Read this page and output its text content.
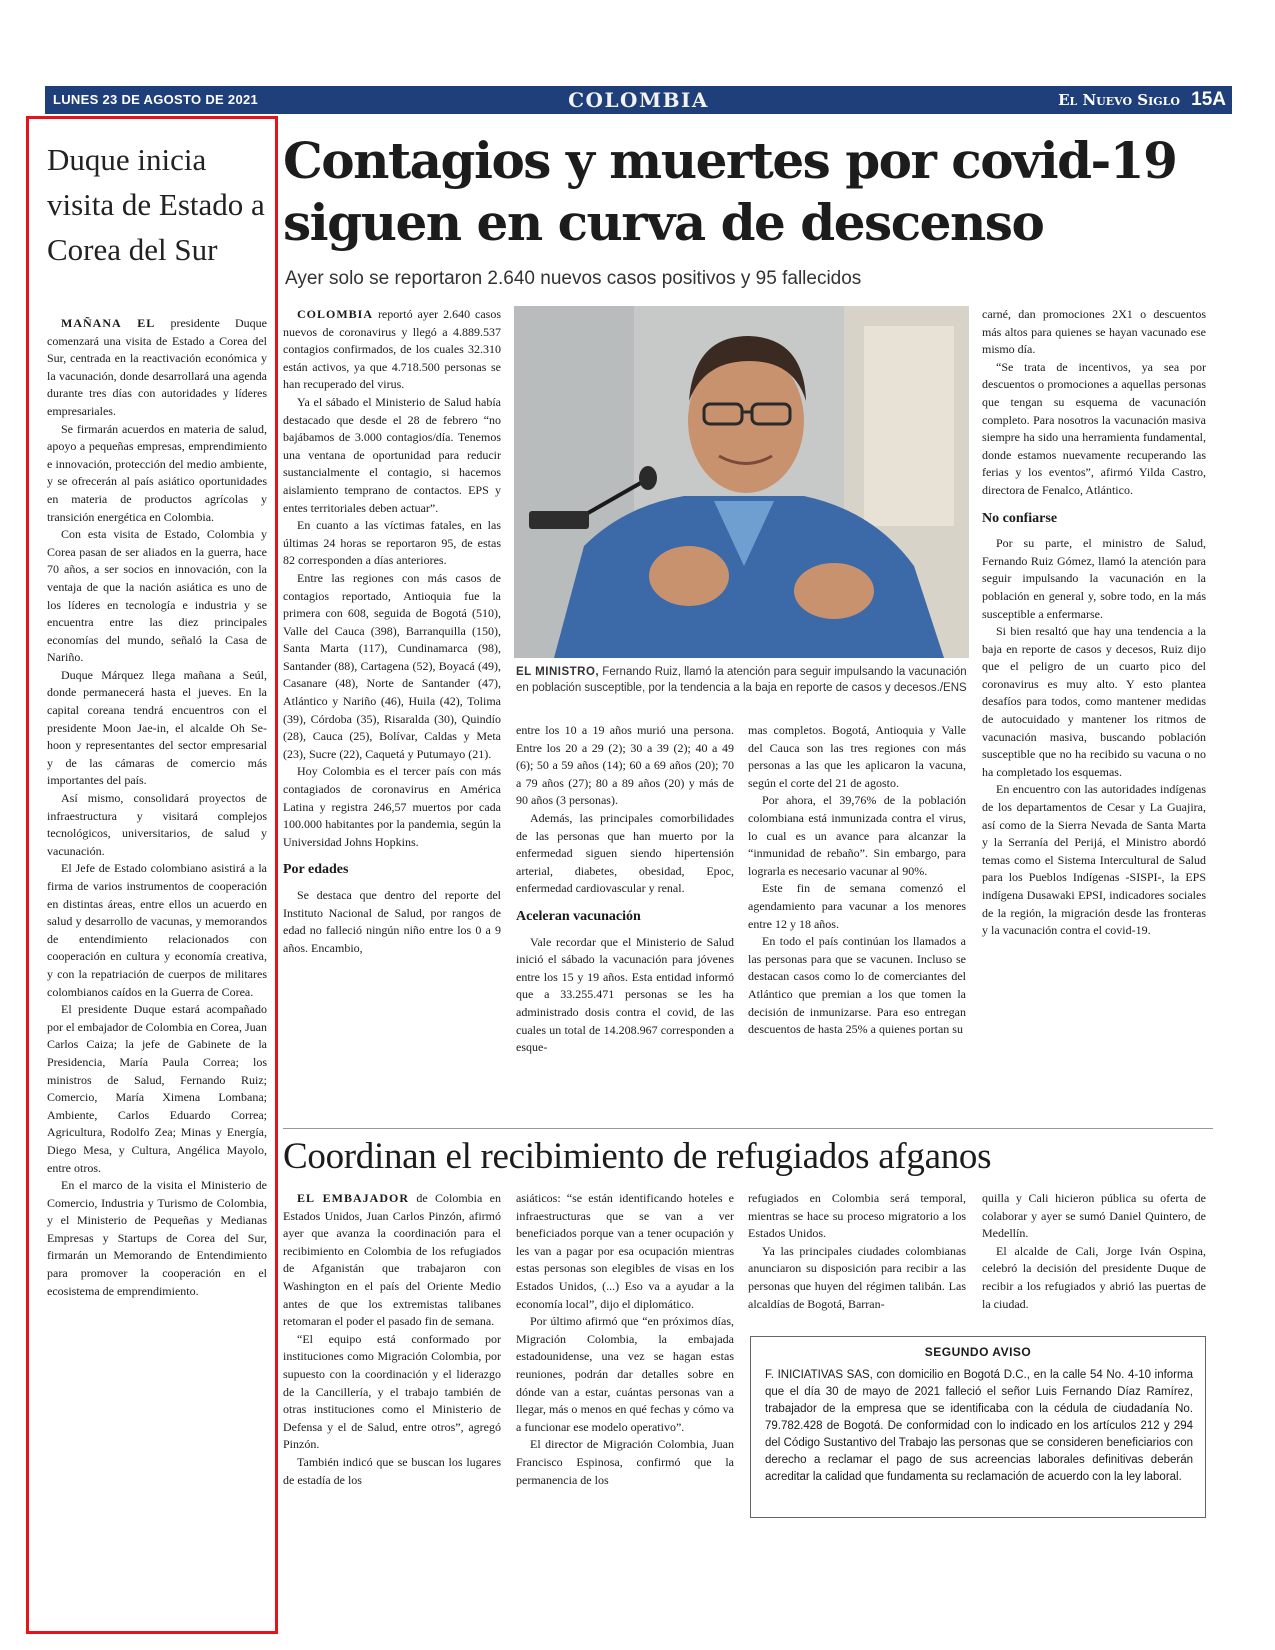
LUNES 23 DE AGOSTO DE 2021	COLOMBIA	El Nuevo Siglo 15A
Duque inicia visita de Estado a Corea del Sur

MAÑANA EL presidente Duque comenzará una visita de Estado a Corea del Sur, centrada en la reactivación económica y la vacunación, donde desarrollará una agenda durante tres días con autoridades y líderes empresariales.

Se firmarán acuerdos en materia de salud, apoyo a pequeñas empresas, emprendimiento e innovación, protección del medio ambiente, y se ofrecerán al país asiático oportunidades en materia de productos agrícolas y transición energética en Colombia.

Con esta visita de Estado, Colombia y Corea pasan de ser aliados en la guerra, hace 70 años, a ser socios en innovación, con la ventaja de que la nación asiática es uno de los líderes en tecnología e industria y se encuentra entre las diez principales economías del mundo, señaló la Casa de Nariño.

Duque Márquez llega mañana a Seúl, donde permanecerá hasta el jueves. En la capital coreana tendrá encuentros con el presidente Moon Jae-in, el alcalde Oh Se-hoon y representantes del sector empresarial y de las cámaras de comercio más importantes del país.

Así mismo, consolidará proyectos de infraestructura y visitará complejos tecnológicos, universitarios, de salud y vacunación.

El Jefe de Estado colombiano asistirá a la firma de varios instrumentos de cooperación en distintas áreas, entre ellos un acuerdo en salud y desarrollo de vacunas, y memorandos de entendimiento relacionados con cooperación en cultura y economía creativa, y con la repatriación de cuerpos de militares colombianos caídos en la Guerra de Corea.

El presidente Duque estará acompañado por el embajador de Colombia en Corea, Juan Carlos Caiza; la jefe de Gabinete de la Presidencia, María Paula Correa; los ministros de Salud, Fernando Ruiz; Comercio, María Ximena Lombana; Ambiente, Carlos Eduardo Correa; Agricultura, Rodolfo Zea; Minas y Energía, Diego Mesa, y Cultura, Angélica Mayolo, entre otros.

En el marco de la visita el Ministerio de Comercio, Industria y Turismo de Colombia, y el Ministerio de Pequeñas y Medianas Empresas y Startups de Corea del Sur, firmarán un Memorando de Entendimiento para promover la cooperación en el ecosistema de emprendimiento.

Contagios y muertes por covid-19 siguen en curva de descenso
Ayer solo se reportaron 2.640 nuevos casos positivos y 95 fallecidos

COLOMBIA reportó ayer 2.640 casos nuevos de coronavirus y llegó a 4.889.537 contagios confirmados, de los cuales 32.310 están activos, ya que 4.718.500 personas se han recuperado del virus.

Ya el sábado el Ministerio de Salud había destacado que desde el 28 de febrero “no bajábamos de 3.000 contagios/día. Tenemos una ventana de oportunidad para reducir sustancialmente el contagio, si hacemos aislamiento temprano de contactos. EPS y entes territoriales deben actuar”.

En cuanto a las víctimas fatales, en las últimas 24 horas se reportaron 95, de estas 82 corresponden a días anteriores.

Entre las regiones con más casos de contagios reportado, Antioquia fue la primera con 608, seguida de Bogotá (510), Valle del Cauca (398), Barranquilla (150), Santa Marta (117), Cundinamarca (98), Santander (88), Cartagena (52), Boyacá (49), Casanare (48), Norte de Santander (47), Atlántico y Nariño (46), Huila (42), Tolima (39), Córdoba (35), Risaralda (30), Quindío (28), Cauca (25), Bolívar, Caldas y Meta (23), Sucre (22), Caquetá y Putumayo (21).

Hoy Colombia es el tercer país con más contagiados de coronavirus en América Latina y registra 246,57 muertos por cada 100.000 habitantes por la pandemia, según la Universidad Johns Hopkins.

Por edades

Se destaca que dentro del reporte del Instituto Nacional de Salud, por rangos de edad no falleció ningún niño entre los 0 a 9 años. Encambio,

EL MINISTRO, Fernando Ruiz, llamó la atención para seguir impulsando la vacunación en población susceptible, por la tendencia a la baja en reporte de casos y decesos./ENS

entre los 10 a 19 años murió una persona. Entre los 20 a 29 (2); 30 a 39 (2); 40 a 49 (6); 50 a 59 años (14); 60 a 69 años (20); 70 a 79 años (27); 80 a 89 años (20) y más de 90 años (3 personas).

Además, las principales comorbilidades de las personas que han muerto por la enfermedad siguen siendo hipertensión arterial, diabetes, obesidad, Epoc, enfermedad cardiovascular y renal.

Aceleran vacunación

Vale recordar que el Ministerio de Salud inició el sábado la vacunación para jóvenes entre los 15 y 19 años. Esta entidad informó que a 33.255.471 personas se les ha administrado dosis contra el covid, de las cuales un total de 14.208.967 corresponden a esque-

mas completos. Bogotá, Antioquia y Valle del Cauca son las tres regiones con más personas a las que les aplicaron la vacuna, según el corte del 21 de agosto.

Por ahora, el 39,76% de la población colombiana está inmunizada contra el virus, lo cual es un avance para alcanzar la “inmunidad de rebaño”. Sin embargo, para lograrla es necesario vacunar al 90%.

Este fin de semana comenzó el agendamiento para vacunar a los menores entre 12 y 18 años.

En todo el país continúan los llamados a las personas para que se vacunen. Incluso se destacan casos como lo de comerciantes del Atlántico que premian a los que tomen la decisión de inmunizarse. Para eso entregan descuentos de hasta 25% a quienes portan su

carné, dan promociones 2X1 o descuentos más altos para quienes se hayan vacunado ese mismo día.

“Se trata de incentivos, ya sea por descuentos o promociones a aquellas personas que tengan su esquema de vacunación completo. Para nosotros la vacunación masiva siempre ha sido una herramienta fundamental, donde estamos nuevamente recuperando las ferias y los eventos”, afirmó Yilda Castro, directora de Fenalco, Atlántico.

No confiarse

Por su parte, el ministro de Salud, Fernando Ruiz Gómez, llamó la atención para seguir impulsando la vacunación en la población en general y, sobre todo, en la más susceptible a enfermarse.

Si bien resaltó que hay una tendencia a la baja en reporte de casos y decesos, Ruiz dijo que el peligro de un cuarto pico del coronavirus es muy alto. Y esto plantea desafíos para todos, como mantener medidas de autocuidado y mantener los ritmos de vacunación masiva, buscando población susceptible que no ha recibido su vacuna o no ha completado los esquemas.

En encuentro con las autoridades indígenas de los departamentos de Cesar y La Guajira, así como de la Sierra Nevada de Santa Marta y la Serranía del Perijá, el Ministro abordó temas como el Sistema Intercultural de Salud para los Pueblos Indígenas -SISPI-, la EPS indígena Dusawaki EPSI, indicadores sociales de la región, la migración desde las fronteras y la vacunación contra el covid-19.

Coordinan el recibimiento de refugiados afganos

EL EMBAJADOR de Colombia en Estados Unidos, Juan Carlos Pinzón, afirmó ayer que avanza la coordinación para el recibimiento en Colombia de los refugiados de Afganistán que trabajaron con Washington en el país del Oriente Medio antes de que los extremistas talibanes retomaran el poder el pasado fin de semana.

“El equipo está conformado por instituciones como Migración Colombia, por supuesto con la coordinación y el liderazgo de la Cancillería, y el trabajo también de otras instituciones como el Ministerio de Defensa y el de Salud, entre otros”, agregó Pinzón.

También indicó que se buscan los lugares de estadía de los

asiáticos: “se están identificando hoteles e infraestructuras que se van a ver beneficiados porque van a tener ocupación y les van a pagar por esa ocupación mientras estas personas son elegibles de visas en los Estados Unidos, (...) Eso va a ayudar a la economía local”, dijo el diplomático.

Por último afirmó que “en próximos días, Migración Colombia, la embajada estadounidense, una vez se hagan estas reuniones, podrán dar detalles sobre en dónde van a estar, cuántas personas van a llegar, más o menos en qué fechas y cómo va a funcionar ese modelo operativo”.

El director de Migración Colombia, Juan Francisco Espinosa, confirmó que la permanencia de los

refugiados en Colombia será temporal, mientras se hace su proceso migratorio a los Estados Unidos.

Ya las principales ciudades colombianas anunciaron su disposición para recibir a las personas que huyen del régimen talibán. Las alcaldías de Bogotá, Barran-

quilla y Cali hicieron pública su oferta de colaborar y ayer se sumó Daniel Quintero, de Medellín.

El alcalde de Cali, Jorge Iván Ospina, celebró la decisión del presidente Duque de recibir a los refugiados y abrió las puertas de la ciudad.

SEGUNDO AVISO
F. INICIATIVAS SAS, con domicilio en Bogotá D.C., en la calle 54 No. 4-10 informa que el día 30 de mayo de 2021 falleció el señor Luis Fernando Díaz Ramírez, trabajador de la empresa que se identificaba con la cédula de ciudadanía No. 79.782.428 de Bogotá. De conformidad con lo indicado en los artículos 212 y 294 del Código Sustantivo del Trabajo las personas que se consideren beneficiarios con derecho a reclamar el pago de sus acreencias laborales definitivas deberán acreditar la calidad que fundamenta su reclamación de acuerdo con la ley laboral.
